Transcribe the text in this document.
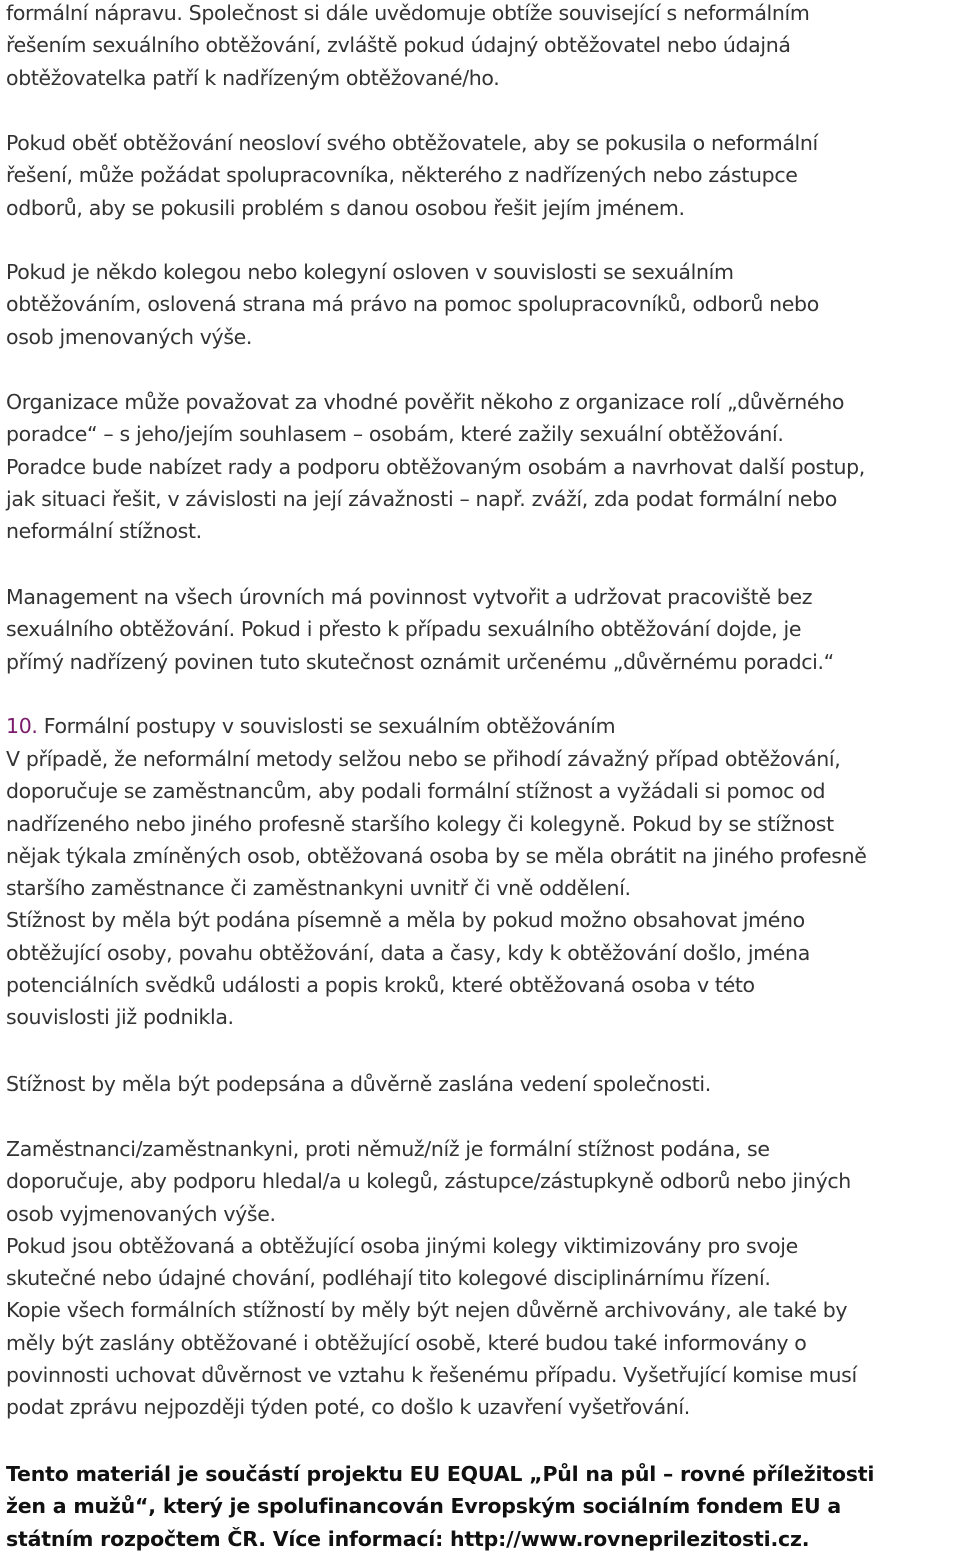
formální nápravu. Společnost si dále uvědomuje obtíže související s neformálním
řešením sexuálního obtěžování, zvláště pokud údajný obtěžovatel nebo údajná
obtěžovatelka patří k nadřízeným obtěžované/ho.
Pokud oběť obtěžování neosloví svého obtěžovatele, aby se pokusila o neformální
řešení, může požádat spolupracovníka, některého z nadřízených nebo zástupce
odborů, aby se pokusili problém s danou osobou řešit jejím jménem.
Pokud je někdo kolegou nebo kolegyní osloven v souvislosti se sexuálním
obtěžováním, oslovená strana má právo na pomoc spolupracovníků, odborů nebo
osob jmenovaných výše.
Organizace může považovat za vhodné pověřit někoho z organizace rolí „důvěrného
poradce“ – s jeho/jejím souhlasem – osobám, které zažily sexuální obtěžování.
Poradce bude nabízet rady a podporu obtěžovaným osobám a navrhovat další postup,
jak situaci řešit, v závislosti na její závažnosti – např. zváží, zda podat formální nebo
neformální stížnost.
Management na všech úrovních má povinnost vytvořit a udržovat pracoviště bez
sexuálního obtěžování. Pokud i přesto k případu sexuálního obtěžování dojde, je
přímý nadřízený povinen tuto skutečnost oznámit určenému „důvěrnému poradci.“
10. Formální postupy v souvislosti se sexuálním obtěžováním
V případě, že neformální metody selžou nebo se přihodí závažný případ obtěžování,
doporučuje se zaměstnancům, aby podali formální stížnost a vyžádali si pomoc od
nadřízeného nebo jiného profesně staršího kolegy či kolegyně. Pokud by se stížnost
nějak týkala zmíněných osob, obtěžovaná osoba by se měla obrátit na jiného profesně
staršího zaměstnance či zaměstnankyni uvnitř či vně oddělení.
Stížnost by měla být podána písemně a měla by pokud možno obsahovat jméno
obtěžující osoby, povahu obtěžování, data a časy, kdy k obtěžování došlo, jména
potenciálních svědků události a popis kroků, které obtěžovaná osoba v této
souvislosti již podnikla.
Stížnost by měla být podepsána a důvěrně zaslána vedení společnosti.
Zaměstnanci/zaměstnankyni, proti němuž/níž je formální stížnost podána, se
doporučuje, aby podporu hledal/a u kolegů, zástupce/zástupkyně odborů nebo jiných
osob vyjmenovaných výše.
Pokud jsou obtěžovaná a obtěžující osoba jinými kolegy viktimizovány pro svoje
skutečné nebo údajné chování, podléhají tito kolegové disciplinárnímu řízení.
Kopie všech formálních stížností by měly být nejen důvěrně archivovány, ale také by
měly být zaslány obtěžované i obtěžující osobě, které budou také informovány o
povinnosti uchovat důvěrnost ve vztahu k řešenému případu. Vyšetřující komise musí
podat zprávu nejpozději týden poté, co došlo k uzavření vyšetřování.
Tento materiál je součástí projektu EU EQUAL „Půl na půl – rovné příležitosti
žen a mužů“, který je spolufinancován Evropským sociálním fondem EU a
státním rozpočtem ČR. Více informací: http://www.rovneprilezitosti.cz.
